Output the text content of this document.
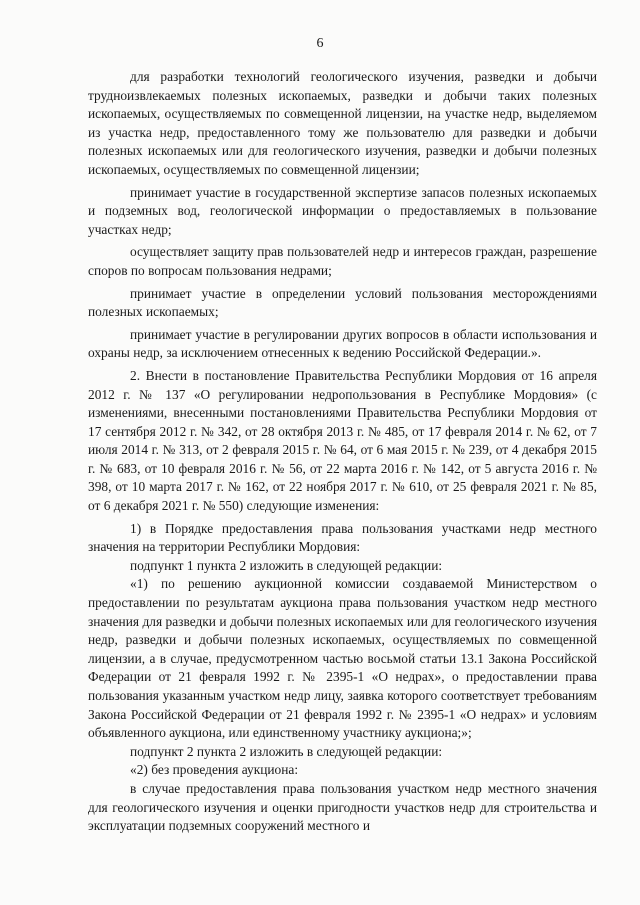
6

для разработки технологий геологического изучения, разведки и добычи трудноизвлекаемых полезных ископаемых, разведки и добычи таких полезных ископаемых, осуществляемых по совмещенной лицензии, на участке недр, выделяемом из участка недр, предоставленного тому же пользователю для разведки и добычи полезных ископаемых или для геологического изучения, разведки и добычи полезных ископаемых, осуществляемых по совмещенной лицензии;

принимает участие в государственной экспертизе запасов полезных ископаемых и подземных вод, геологической информации о предоставляемых в пользование участках недр;

осуществляет защиту прав пользователей недр и интересов граждан, разрешение споров по вопросам пользования недрами;

принимает участие в определении условий пользования месторождениями полезных ископаемых;

принимает участие в регулировании других вопросов в области использования и охраны недр, за исключением отнесенных к ведению Российской Федерации.».

2. Внести в постановление Правительства Республики Мордовия от 16 апреля 2012 г. № 137 «О регулировании недропользования в Республике Мордовия» (с изменениями, внесенными постановлениями Правительства Республики Мордовия от 17 сентября 2012 г. № 342, от 28 октября 2013 г. № 485, от 17 февраля 2014 г. № 62, от 7 июля 2014 г. № 313, от 2 февраля 2015 г. № 64, от 6 мая 2015 г. № 239, от 4 декабря 2015 г. № 683, от 10 февраля 2016 г. № 56, от 22 марта 2016 г. № 142, от 5 августа 2016 г. № 398, от 10 марта 2017 г. № 162, от 22 ноября 2017 г. № 610, от 25 февраля 2021 г. № 85, от 6 декабря 2021 г. № 550) следующие изменения:

1) в Порядке предоставления права пользования участками недр местного значения на территории Республики Мордовия:

подпункт 1 пункта 2 изложить в следующей редакции:

«1) по решению аукционной комиссии создаваемой Министерством о предоставлении по результатам аукциона права пользования участком недр местного значения для разведки и добычи полезных ископаемых или для геологического изучения недр, разведки и добычи полезных ископаемых, осуществляемых по совмещенной лицензии, а в случае, предусмотренном частью восьмой статьи 13.1 Закона Российской Федерации от 21 февраля 1992 г. № 2395-1 «О недрах», о предоставлении права пользования указанным участком недр лицу, заявка которого соответствует требованиям Закона Российской Федерации от 21 февраля 1992 г. № 2395-1 «О недрах» и условиям объявленного аукциона, или единственному участнику аукциона;»;

подпункт 2 пункта 2 изложить в следующей редакции:

«2) без проведения аукциона:

в случае предоставления права пользования участком недр местного значения для геологического изучения и оценки пригодности участков недр для строительства и эксплуатации подземных сооружений местного и
